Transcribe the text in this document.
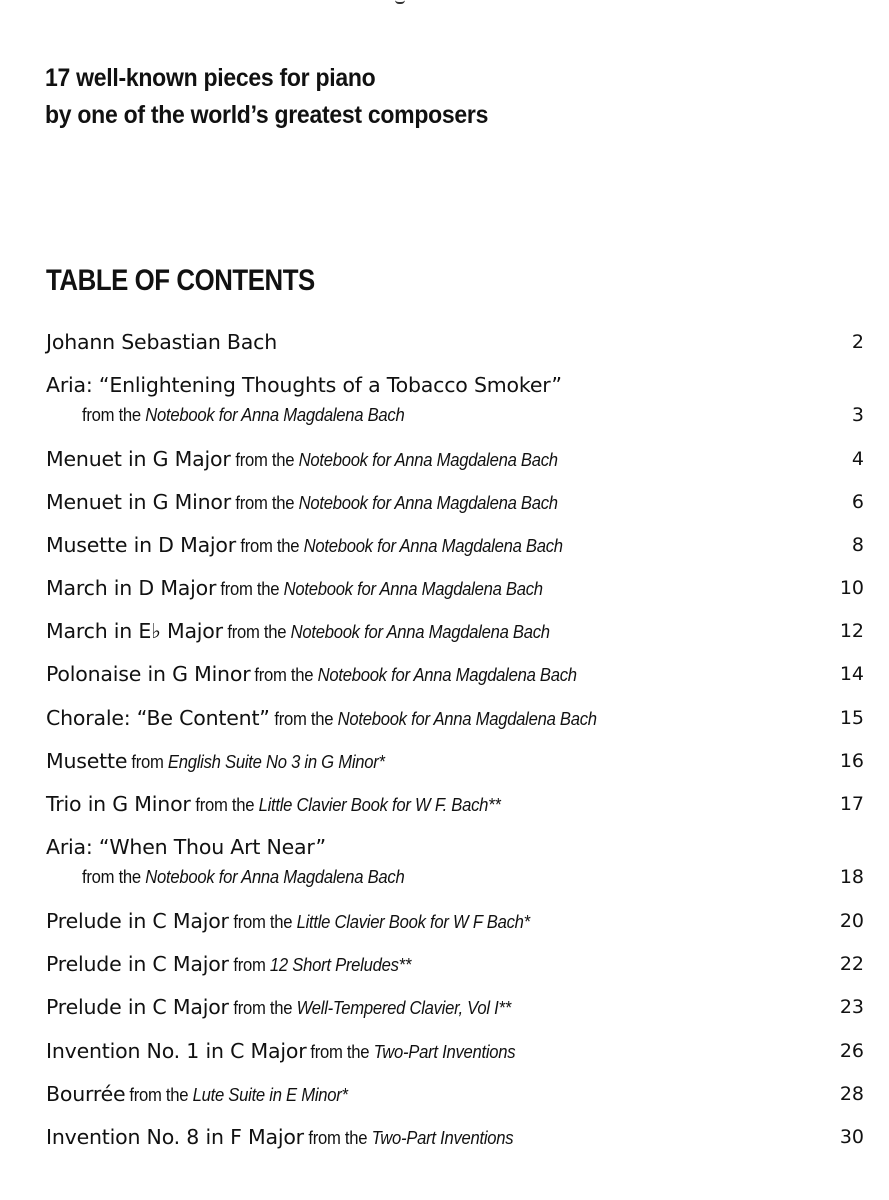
17 well-known pieces for piano
by one of the world’s greatest composers
TABLE OF CONTENTS
Johann Sebastian Bach	2
Aria: “Enlightening Thoughts of a Tobacco Smoker”
from the Notebook for Anna Magdalena Bach	3
Menuet in G Major from the Notebook for Anna Magdalena Bach	4
Menuet in G Minor from the Notebook for Anna Magdalena Bach	6
Musette in D Major from the Notebook for Anna Magdalena Bach	8
March in D Major from the Notebook for Anna Magdalena Bach	10
March in E♭ Major from the Notebook for Anna Magdalena Bach	12
Polonaise in G Minor from the Notebook for Anna Magdalena Bach	14
Chorale: “Be Content” from the Notebook for Anna Magdalena Bach	15
Musette from English Suite No 3 in G Minor*	16
Trio in G Minor from the Little Clavier Book for W F. Bach**	17
Aria: “When Thou Art Near”
from the Notebook for Anna Magdalena Bach	18
Prelude in C Major from the Little Clavier Book for W F Bach*	20
Prelude in C Major from 12 Short Preludes**	22
Prelude in C Major from the Well-Tempered Clavier, Vol I**	23
Invention No. 1 in C Major from the Two-Part Inventions	26
Bourrée from the Lute Suite in E Minor*	28
Invention No. 8 in F Major from the Two-Part Inventions	30
